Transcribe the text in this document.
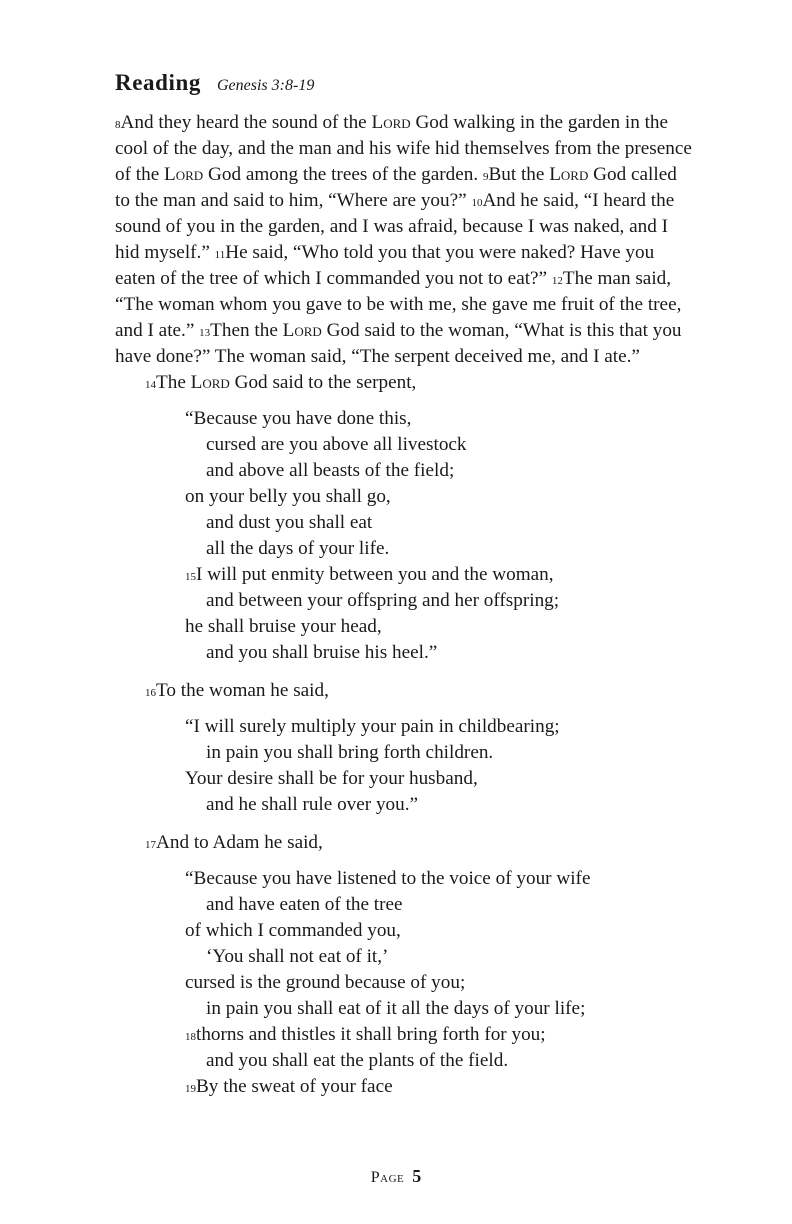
Reading Genesis 3:8-19

$^8$And they heard the sound of the Lord God walking in the garden in the cool of the day, and the man and his wife hid themselves from the presence of the Lord God among the trees of the garden. $^9$But the Lord God called to the man and said to him, “Where are you?” $^{10}$And he said, “I heard the sound of you in the garden, and I was afraid, because I was naked, and I hid myself.” $^{11}$He said, “Who told you that you were naked? Have you eaten of the tree of which I commanded you not to eat?” $^{12}$The man said, “The woman whom you gave to be with me, she gave me fruit of the tree, and I ate.” $^{13}$Then the Lord God said to the woman, “What is this that you have done?” The woman said, “The serpent deceived me, and I ate.”

$^{14}$The Lord God said to the serpent,

“Because you have done this,
cursed are you above all livestock
and above all beasts of the field;
on your belly you shall go,
and dust you shall eat
all the days of your life.
$^{15}$I will put enmity between you and the woman,
and between your offspring and her offspring;
he shall bruise your head,
and you shall bruise his heel.”

$^{16}$To the woman he said,

“I will surely multiply your pain in childbearing;
in pain you shall bring forth children.
Your desire shall be for your husband,
and he shall rule over you.”

$^{17}$And to Adam he said,

“Because you have listened to the voice of your wife
and have eaten of the tree
of which I commanded you,
‘You shall not eat of it,’
cursed is the ground because of you;
in pain you shall eat of it all the days of your life;
$^{18}$thorns and thistles it shall bring forth for you;
and you shall eat the plants of the field.
$^{19}$By the sweat of your face
Page 5
